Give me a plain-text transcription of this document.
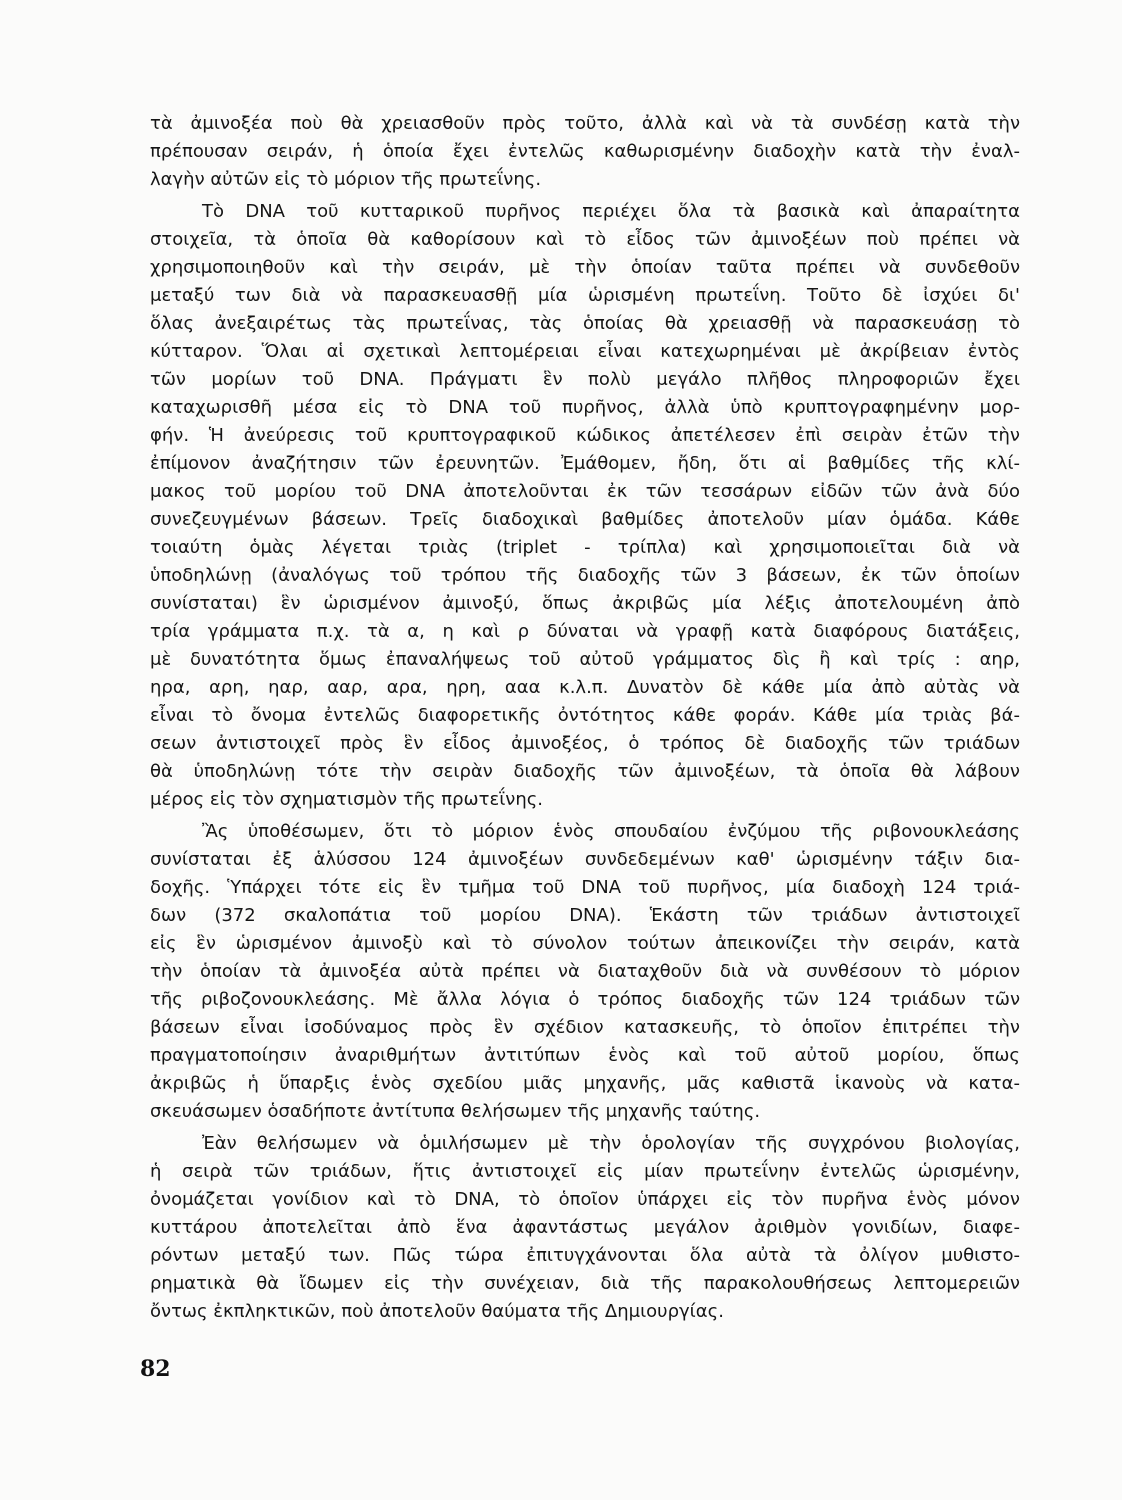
τὰ ἀμινοξέα ποὺ θὰ χρειασθοῦν πρὸς τοῦτο, ἀλλὰ καὶ νὰ τὰ συνδέσῃ κατὰ τὴν
πρέπουσαν σειράν, ἡ ὁποία ἔχει ἐντελῶς καθωρισμένην διαδοχὴν κατὰ τὴν ἐναλ-
λαγὴν αὐτῶν εἰς τὸ μόριον τῆς πρωτεΐνης.
Τὸ DNA τοῦ κυτταρικοῦ πυρῆνος περιέχει ὅλα τὰ βασικὰ καὶ ἀπαραίτητα
στοιχεῖα, τὰ ὁποῖα θὰ καθορίσουν καὶ τὸ εἶδος τῶν ἀμινοξέων ποὺ πρέπει νὰ
χρησιμοποιηθοῦν καὶ τὴν σειράν, μὲ τὴν ὁποίαν ταῦτα πρέπει νὰ συνδεθοῦν
μεταξύ των διὰ νὰ παρασκευασθῇ μία ὡρισμένη πρωτεΐνη. Τοῦτο δὲ ἰσχύει δι'
ὅλας ἀνεξαιρέτως τὰς πρωτεΐνας, τὰς ὁποίας θὰ χρειασθῇ νὰ παρασκευάσῃ τὸ
κύτταρον. Ὅλαι αἱ σχετικαὶ λεπτομέρειαι εἶναι κατεχωρημέναι μὲ ἀκρίβειαν ἐντὸς
τῶν μορίων τοῦ DNA. Πράγματι ἓν πολὺ μεγάλο πλῆθος πληροφοριῶν ἔχει
καταχωρισθῆ μέσα εἰς τὸ DNA τοῦ πυρῆνος, ἀλλὰ ὑπὸ κρυπτογραφημένην μορ-
φήν. Ἡ ἀνεύρεσις τοῦ κρυπτογραφικοῦ κώδικος ἀπετέλεσεν ἐπὶ σειρὰν ἐτῶν τὴν
ἐπίμονον ἀναζήτησιν τῶν ἐρευνητῶν. Ἐμάθομεν, ἤδη, ὅτι αἱ βαθμίδες τῆς κλί-
μακος τοῦ μορίου τοῦ DNA ἀποτελοῦνται ἐκ τῶν τεσσάρων εἰδῶν τῶν ἀνὰ δύο
συνεζευγμένων βάσεων. Τρεῖς διαδοχικαὶ βαθμίδες ἀποτελοῦν μίαν ὁμάδα. Κάθε
τοιαύτη ὁμὰς λέγεται τριὰς (triplet - τρίπλα) καὶ χρησιμοποιεῖται διὰ νὰ
ὑποδηλώνῃ (ἀναλόγως τοῦ τρόπου τῆς διαδοχῆς τῶν 3 βάσεων, ἐκ τῶν ὁποίων
συνίσταται) ἓν ὡρισμένον ἀμινοξύ, ὅπως ἀκριβῶς μία λέξις ἀποτελουμένη ἀπὸ
τρία γράμματα π.χ. τὰ α, η καὶ ρ δύναται νὰ γραφῇ κατὰ διαφόρους διατάξεις,
μὲ δυνατότητα ὅμως ἐπαναλήψεως τοῦ αὐτοῦ γράμματος δὶς ἢ καὶ τρίς : αηρ,
ηρα, αρη, ηαρ, ααρ, αρα, ηρη, ααα κ.λ.π. Δυνατὸν δὲ κάθε μία ἀπὸ αὐτὰς νὰ
εἶναι τὸ ὄνομα ἐντελῶς διαφορετικῆς ὀντότητος κάθε φοράν. Κάθε μία τριὰς βά-
σεων ἀντιστοιχεῖ πρὸς ἓν εἶδος ἀμινοξέος, ὁ τρόπος δὲ διαδοχῆς τῶν τριάδων
θὰ ὑποδηλώνῃ τότε τὴν σειρὰν διαδοχῆς τῶν ἀμινοξέων, τὰ ὁποῖα θὰ λάβουν
μέρος εἰς τὸν σχηματισμὸν τῆς πρωτεΐνης.
Ἂς ὑποθέσωμεν, ὅτι τὸ μόριον ἑνὸς σπουδαίου ἐνζύμου τῆς ριβονουκλεάσης
συνίσταται ἐξ ἁλύσσου 124 ἀμινοξέων συνδεδεμένων καθ' ὡρισμένην τάξιν δια-
δοχῆς. Ὑπάρχει τότε εἰς ἓν τμῆμα τοῦ DNA τοῦ πυρῆνος, μία διαδοχὴ 124 τριά-
δων (372 σκαλοπάτια τοῦ μορίου DNA). Ἑκάστη τῶν τριάδων ἀντιστοιχεῖ
εἰς ἓν ὡρισμένον ἀμινοξὺ καὶ τὸ σύνολον τούτων ἀπεικονίζει τὴν σειράν, κατὰ
τὴν ὁποίαν τὰ ἀμινοξέα αὐτὰ πρέπει νὰ διαταχθοῦν διὰ νὰ συνθέσουν τὸ μόριον
τῆς ριβοζονουκλεάσης. Μὲ ἄλλα λόγια ὁ τρόπος διαδοχῆς τῶν 124 τριάδων τῶν
βάσεων εἶναι ἰσοδύναμος πρὸς ἓν σχέδιον κατασκευῆς, τὸ ὁποῖον ἐπιτρέπει τὴν
πραγματοποίησιν ἀναριθμήτων ἀντιτύπων ἑνὸς καὶ τοῦ αὐτοῦ μορίου, ὅπως
ἀκριβῶς ἡ ὕπαρξις ἑνὸς σχεδίου μιᾶς μηχανῆς, μᾶς καθιστᾶ ἱκανοὺς νὰ κατα-
σκευάσωμεν ὁσαδήποτε ἀντίτυπα θελήσωμεν τῆς μηχανῆς ταύτης.
Ἐὰν θελήσωμεν νὰ ὁμιλήσωμεν μὲ τὴν ὁρολογίαν τῆς συγχρόνου βιολογίας,
ἡ σειρὰ τῶν τριάδων, ἥτις ἀντιστοιχεῖ εἰς μίαν πρωτεΐνην ἐντελῶς ὡρισμένην,
ὀνομάζεται γονίδιον καὶ τὸ DNA, τὸ ὁποῖον ὑπάρχει εἰς τὸν πυρῆνα ἑνὸς μόνον
κυττάρου ἀποτελεῖται ἀπὸ ἕνα ἀφαντάστως μεγάλον ἀριθμὸν γονιδίων, διαφε-
ρόντων μεταξύ των. Πῶς τώρα ἐπιτυγχάνονται ὅλα αὐτὰ τὰ ὀλίγον μυθιστο-
ρηματικὰ θὰ ἴδωμεν εἰς τὴν συνέχειαν, διὰ τῆς παρακολουθήσεως λεπτομερειῶν
ὄντως ἐκπληκτικῶν, ποὺ ἀποτελοῦν θαύματα τῆς Δημιουργίας.
82
